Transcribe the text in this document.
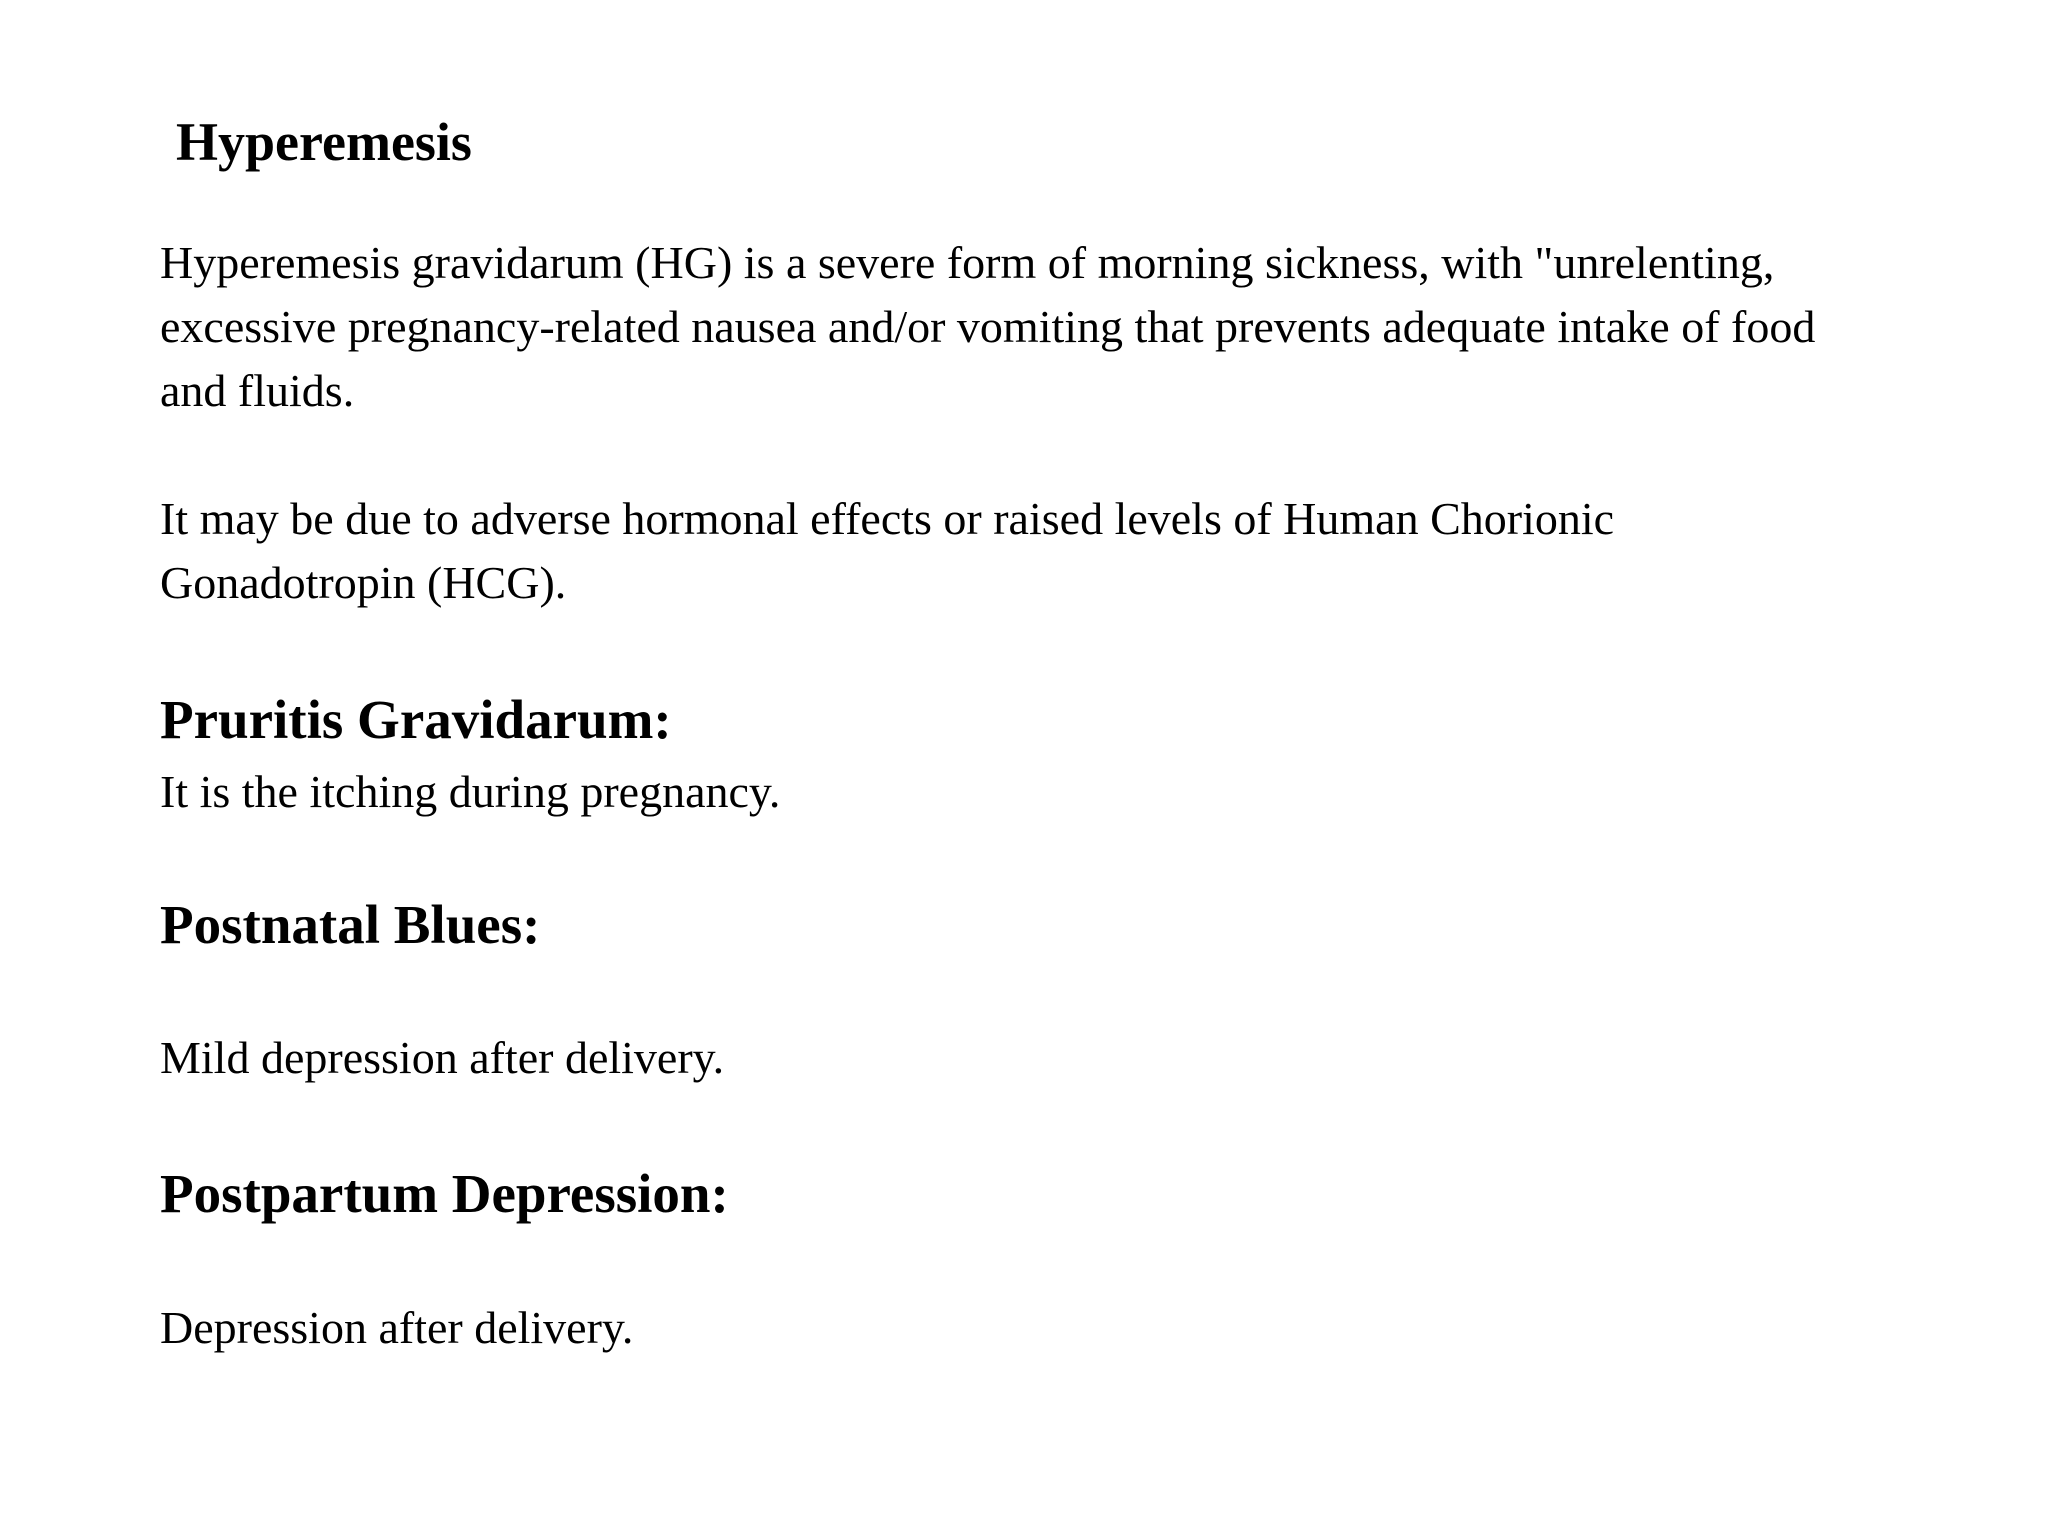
Hyperemesis

Hyperemesis gravidarum (HG) is a severe form of morning sickness, with "unrelenting, excessive pregnancy-related nausea and/or vomiting that prevents adequate intake of food and fluids.

It may be due to adverse hormonal effects or raised levels of Human Chorionic Gonadotropin (HCG).

Pruritis Gravidarum:

It is the itching during pregnancy.

Postnatal Blues:

Mild depression after delivery.

Postpartum Depression:

Depression after delivery.
